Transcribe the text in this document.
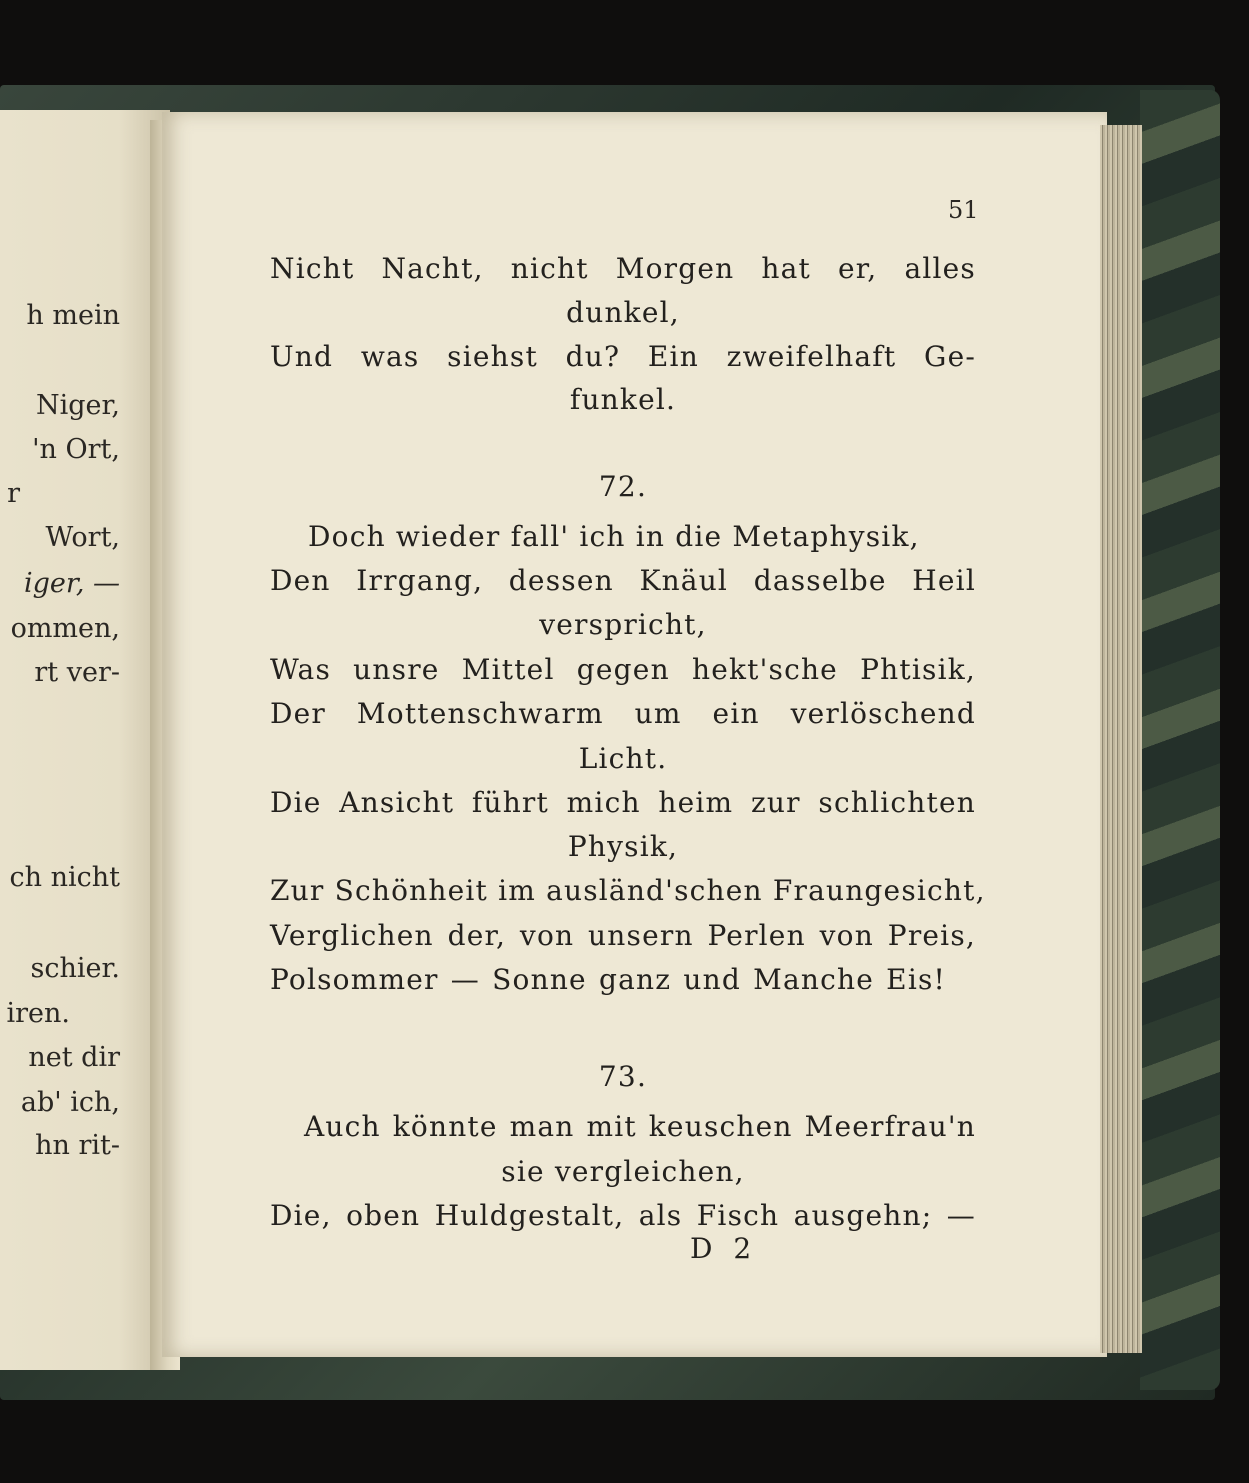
h mein
Niger,
'n Ort,
r
Wort,
iger, —
ommen,
rt ver-
ch nicht
schier.
iren.
net dir
ab' ich,
hn rit-
51
Nicht Nacht, nicht Morgen hat er, alles
dunkel,
Und was siehst du? Ein zweifelhaft Ge-
funkel.
72.
Doch wieder fall' ich in die Metaphysik,
Den Irrgang, dessen Knäul dasselbe Heil
verspricht,
Was unsre Mittel gegen hekt'sche Phtisik,
Der Mottenschwarm um ein verlöschend
Licht.
Die Ansicht führt mich heim zur schlichten
Physik,
Zur Schönheit im ausländ'schen Fraungesicht,
Verglichen der, von unsern Perlen von Preis,
Polsommer — Sonne ganz und Manche Eis!
73.
Auch könnte man mit keuschen Meerfrau'n
sie vergleichen,
Die, oben Huldgestalt, als Fisch ausgehn; —
D 2
